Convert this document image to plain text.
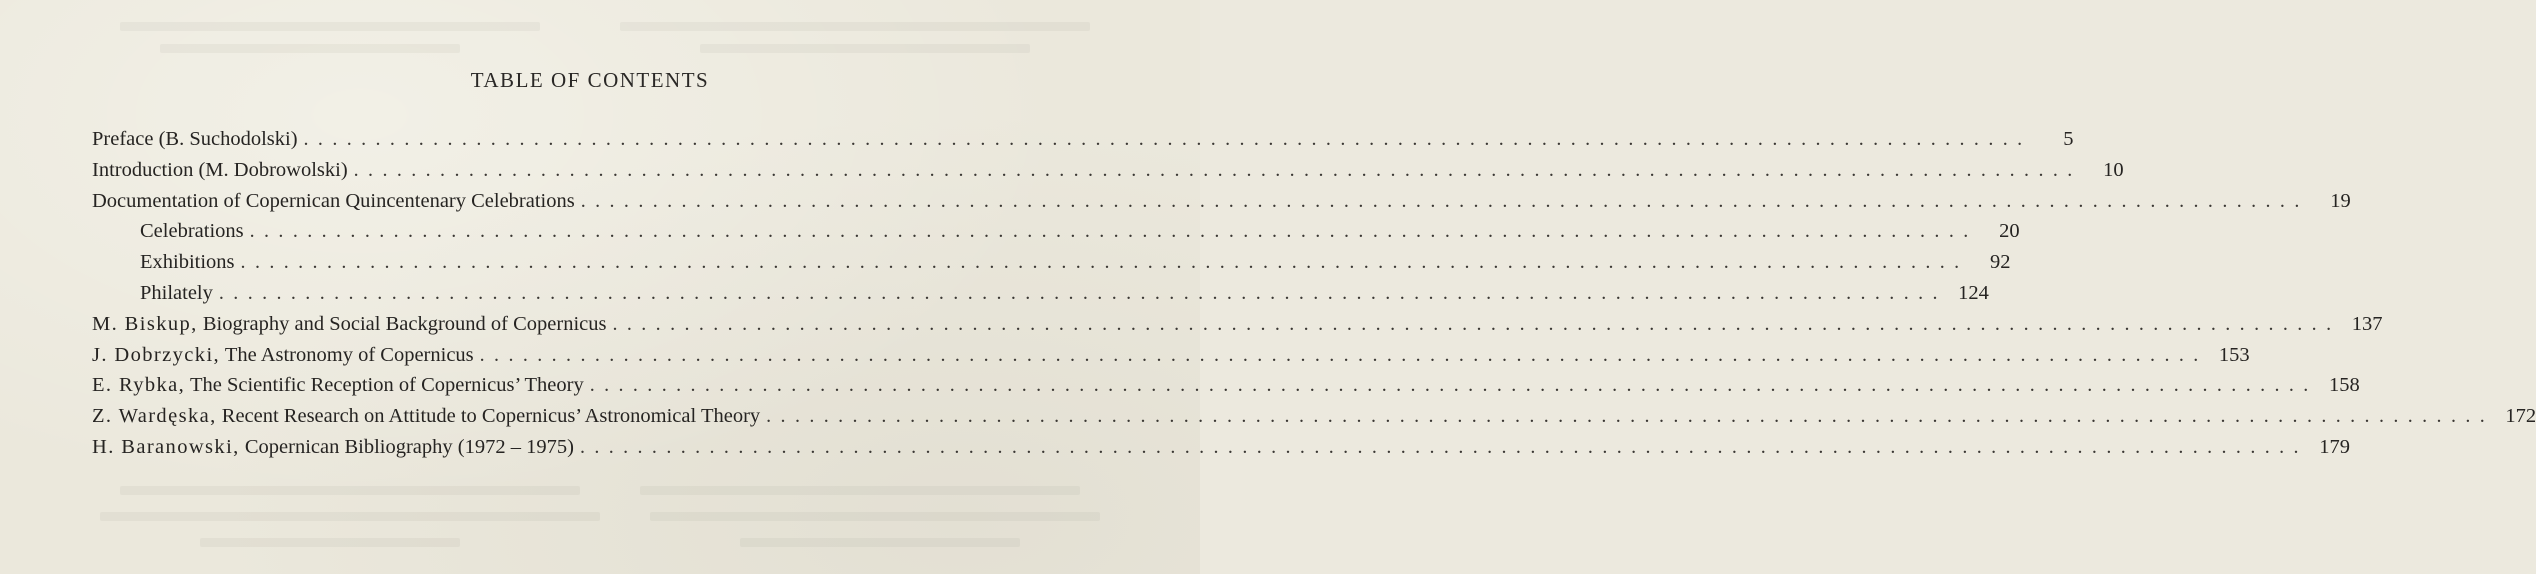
TABLE OF CONTENTS
Preface (B. Suchodolski) ........................................................................................................................	5
Introduction (M. Dobrowolski) ........................................................................................................................	10
Documentation of Copernican Quincentenary Celebrations ........................................................................................................................	19
Celebrations ........................................................................................................................	20
Exhibitions ........................................................................................................................	92
Philately ........................................................................................................................ 124
M. Biskup, Biography and Social Background of Copernicus ........................................................................................................................ 137
J. Dobrzycki, The Astronomy of Copernicus ........................................................................................................................ 153
E. Rybka, The Scientific Reception of Copernicus’ Theory ........................................................................................................................ 158
Z. Wardęska, Recent Research on Attitude to Copernicus’ Astronomical Theory ........................................................................................................................ 172
H. Baranowski, Copernican Bibliography (1972 – 1975) ........................................................................................................................ 179
